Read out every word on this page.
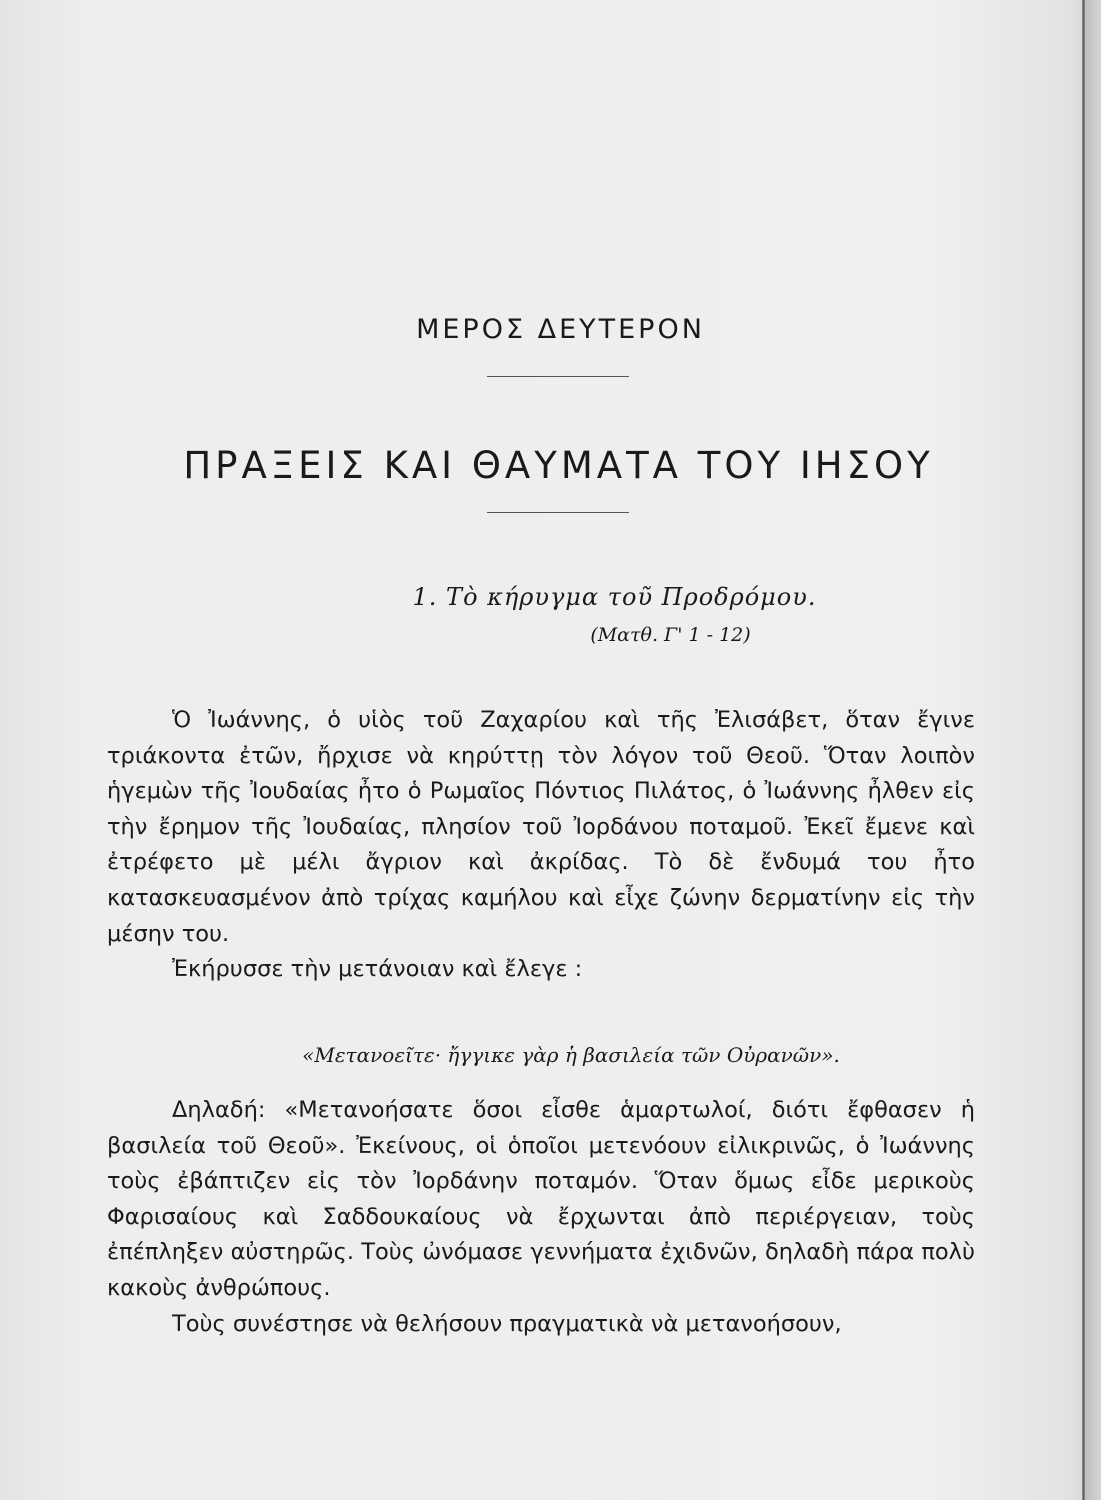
ΜΕΡΟΣ ΔΕΥΤΕΡΟΝ
ΠΡΑΞΕΙΣ ΚΑΙ ΘΑΥΜΑΤΑ ΤΟΥ ΙΗΣΟΥ
1. Τὸ κήρυγμα τοῦ Προδρόμου.
(Ματθ. Γ' 1 - 12)

Ὁ Ἰωάννης, ὁ υἱὸς τοῦ Ζαχαρίου καὶ τῆς Ἐλισάβετ, ὅταν ἔγινε τριάκοντα ἐτῶν, ἤρχισε νὰ κηρύττῃ τὸν λόγον τοῦ Θεοῦ. Ὅταν λοιπὸν ἡγεμὼν τῆς Ἰουδαίας ἦτο ὁ Ρωμαῖος Πόντιος Πιλάτος, ὁ Ἰωάννης ἦλθεν εἰς τὴν ἔρημον τῆς Ἰουδαίας, πλησίον τοῦ Ἰορδάνου ποταμοῦ. Ἐκεῖ ἔμενε καὶ ἐτρέφετο μὲ μέλι ἄγριον καὶ ἀκρίδας. Τὸ δὲ ἔνδυμά του ἦτο κατασκευασμένον ἀπὸ τρίχας καμήλου καὶ εἶχε ζώνην δερματίνην εἰς τὴν μέσην του.

Ἐκήρυσσε τὴν μετάνοιαν καὶ ἔλεγε :

«Μετανοεῖτε· ἤγγικε γὰρ ἡ βασιλεία τῶν Οὐρανῶν».

Δηλαδή: «Μετανοήσατε ὅσοι εἶσθε ἁμαρτωλοί, διότι ἔφθασεν ἡ βασιλεία τοῦ Θεοῦ». Ἐκείνους, οἱ ὁποῖοι μετενόουν εἰλικρινῶς, ὁ Ἰωάννης τοὺς ἐβάπτιζεν εἰς τὸν Ἰορδάνην ποταμόν. Ὅταν ὅμως εἶδε μερικοὺς Φαρισαίους καὶ Σαδδουκαίους νὰ ἔρχωνται ἀπὸ περιέργειαν, τοὺς ἐπέπληξεν αὐστηρῶς. Τοὺς ὠνόμασε γεννήματα ἐχιδνῶν, δηλαδὴ πάρα πολὺ κακοὺς ἀνθρώπους.

Τοὺς συνέστησε νὰ θελήσουν πραγματικὰ νὰ μετανοήσουν,
